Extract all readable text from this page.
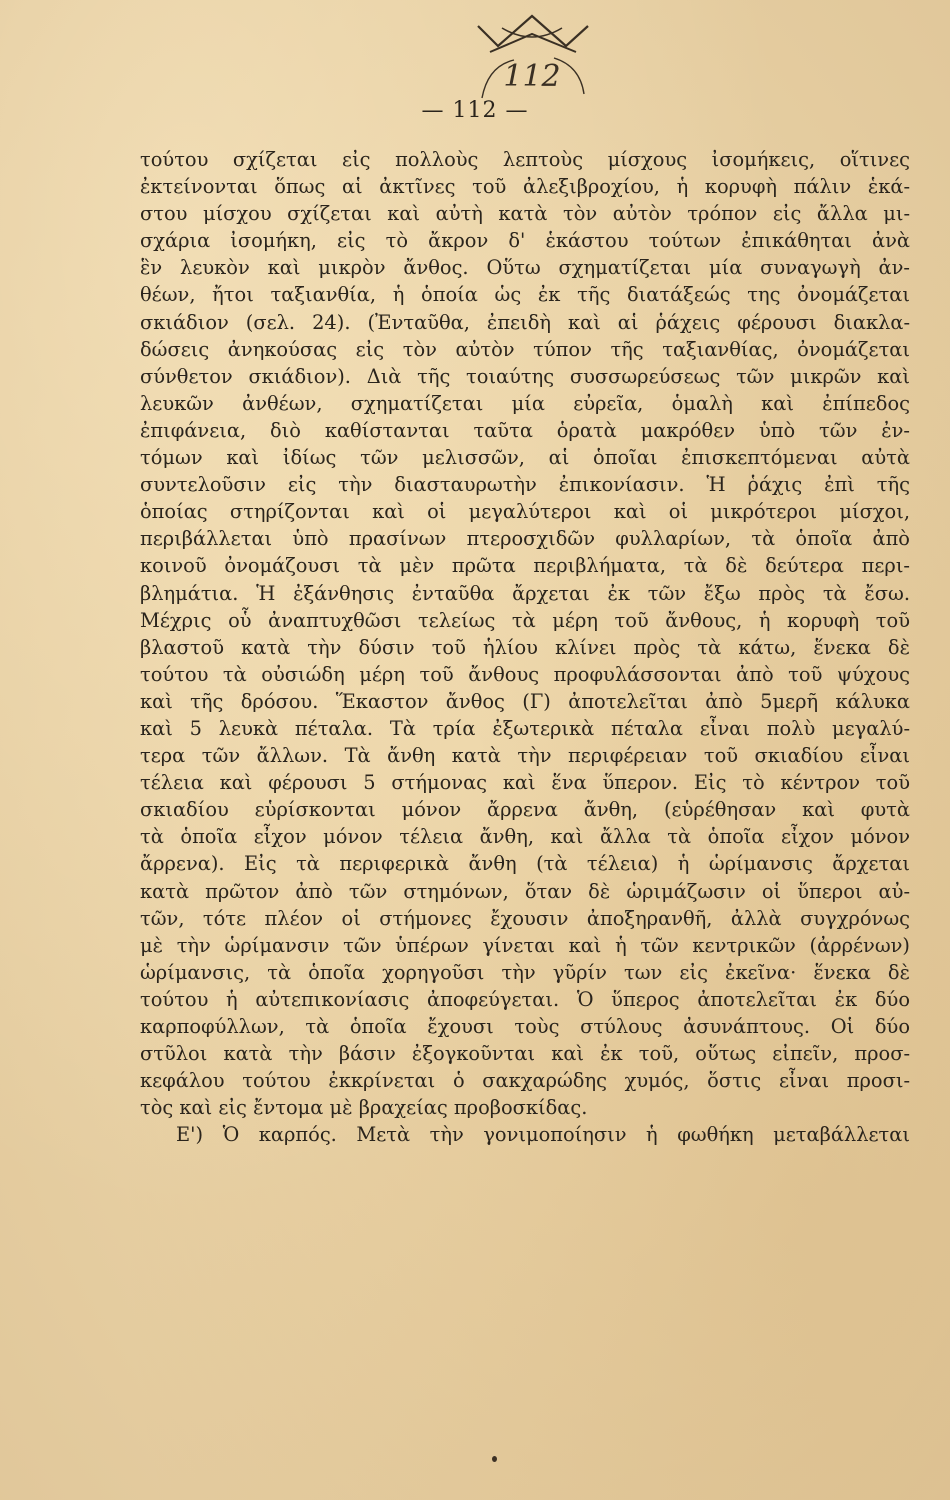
112
— 112 —
τούτου σχίζεται εἰς πολλοὺς λεπτοὺς μίσχους ἰσομήκεις, οἵτινες
ἐκτείνονται ὅπως αἱ ἀκτῖνες τοῦ ἀλεξιβροχίου, ἡ κορυφὴ πάλιν ἑκά-
στου μίσχου σχίζεται καὶ αὐτὴ κατὰ τὸν αὐτὸν τρόπον εἰς ἄλλα μι-
σχάρια ἰσομήκη, εἰς τὸ ἄκρον δ' ἑκάστου τούτων ἐπικάθηται ἀνὰ
ἓν λευκὸν καὶ μικρὸν ἄνθος. Οὕτω σχηματίζεται μία συναγωγὴ ἀν-
θέων, ἤτοι ταξιανθία, ἡ ὁποία ὡς ἐκ τῆς διατάξεώς της ὀνομάζεται
σκιάδιον (σελ. 24). (Ἐνταῦθα, ἐπειδὴ καὶ αἱ ῥάχεις φέρουσι διακλα-
δώσεις ἀνηκούσας εἰς τὸν αὐτὸν τύπον τῆς ταξιανθίας, ὀνομάζεται
σύνθετον σκιάδιον). Διὰ τῆς τοιαύτης συσσωρεύσεως τῶν μικρῶν καὶ
λευκῶν ἀνθέων, σχηματίζεται μία εὐρεῖα, ὁμαλὴ καὶ ἐπίπεδος
ἐπιφάνεια, διὸ καθίστανται ταῦτα ὁρατὰ μακρόθεν ὑπὸ τῶν ἐν-
τόμων καὶ ἰδίως τῶν μελισσῶν, αἱ ὁποῖαι ἐπισκεπτόμεναι αὐτὰ
συντελοῦσιν εἰς τὴν διασταυρωτὴν ἐπικονίασιν. Ἡ ῥάχις ἐπὶ τῆς
ὁποίας στηρίζονται καὶ οἱ μεγαλύτεροι καὶ οἱ μικρότεροι μίσχοι,
περιβάλλεται ὑπὸ πρασίνων πτεροσχιδῶν φυλλαρίων, τὰ ὁποῖα ἀπὸ
κοινοῦ ὀνομάζουσι τὰ μὲν πρῶτα περιβλήματα, τὰ δὲ δεύτερα περι-
βλημάτια. Ἡ ἐξάνθησις ἐνταῦθα ἄρχεται ἐκ τῶν ἔξω πρὸς τὰ ἔσω.
Μέχρις οὗ ἀναπτυχθῶσι τελείως τὰ μέρη τοῦ ἄνθους, ἡ κορυφὴ τοῦ
βλαστοῦ κατὰ τὴν δύσιν τοῦ ἡλίου κλίνει πρὸς τὰ κάτω, ἕνεκα δὲ
τούτου τὰ οὐσιώδη μέρη τοῦ ἄνθους προφυλάσσονται ἀπὸ τοῦ ψύχους
καὶ τῆς δρόσου. Ἕκαστον ἄνθος (Γ) ἀποτελεῖται ἀπὸ 5μερῆ κάλυκα
καὶ 5 λευκὰ πέταλα. Τὰ τρία ἐξωτερικὰ πέταλα εἶναι πολὺ μεγαλύ-
τερα τῶν ἄλλων. Τὰ ἄνθη κατὰ τὴν περιφέρειαν τοῦ σκιαδίου εἶναι
τέλεια καὶ φέρουσι 5 στήμονας καὶ ἕνα ὕπερον. Εἰς τὸ κέντρον τοῦ
σκιαδίου εὑρίσκονται μόνον ἄρρενα ἄνθη, (εὑρέθησαν καὶ φυτὰ
τὰ ὁποῖα εἶχον μόνον τέλεια ἄνθη, καὶ ἄλλα τὰ ὁποῖα εἶχον μόνον
ἄρρενα). Εἰς τὰ περιφερικὰ ἄνθη (τὰ τέλεια) ἡ ὡρίμανσις ἄρχεται
κατὰ πρῶτον ἀπὸ τῶν στημόνων, ὅταν δὲ ὡριμάζωσιν οἱ ὕπεροι αὐ-
τῶν, τότε πλέον οἱ στήμονες ἔχουσιν ἀποξηρανθῆ, ἀλλὰ συγχρόνως
μὲ τὴν ὡρίμανσιν τῶν ὑπέρων γίνεται καὶ ἡ τῶν κεντρικῶν (ἀρρένων)
ὡρίμανσις, τὰ ὁποῖα χορηγοῦσι τὴν γῦρίν των εἰς ἐκεῖνα· ἕνεκα δὲ
τούτου ἡ αὐτεπικονίασις ἀποφεύγεται. Ὁ ὕπερος ἀποτελεῖται ἐκ δύο
καρποφύλλων, τὰ ὁποῖα ἔχουσι τοὺς στύλους ἀσυνάπτους. Οἱ δύο
στῦλοι κατὰ τὴν βάσιν ἐξογκοῦνται καὶ ἐκ τοῦ, οὕτως εἰπεῖν, προσ-
κεφάλου τούτου ἐκκρίνεται ὁ σακχαρώδης χυμός, ὅστις εἶναι προσι-
τὸς καὶ εἰς ἔντομα μὲ βραχείας προβοσκίδας.
Ε') Ὁ καρπός. Μετὰ τὴν γονιμοποίησιν ἡ φωθήκη μεταβάλλεται
